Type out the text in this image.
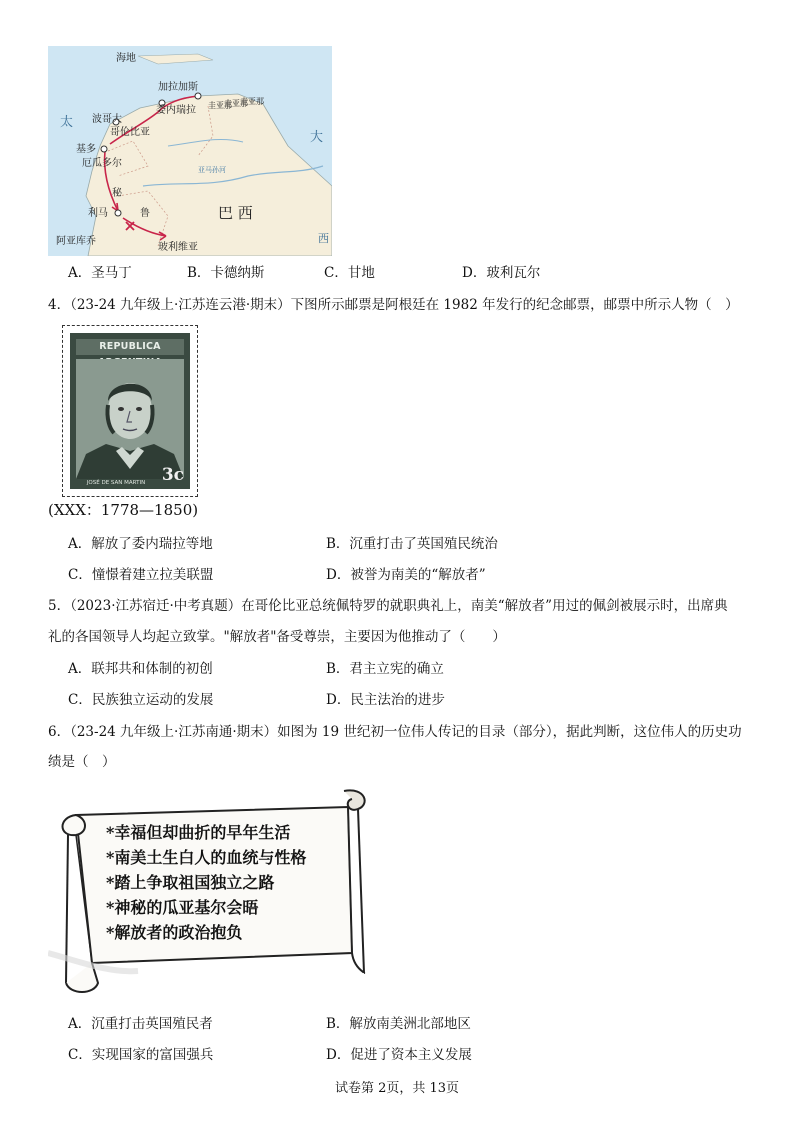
海地
加拉加斯
委内瑞拉
波哥大
哥伦比亚
基多
厄瓜多尔
秘
鲁
利马
阿亚库乔
玻利维亚
巴 西
圭亚那
圭亚那
圭亚那
亚马孙河
太
大
西
A．圣马丁	B．卡德纳斯	C．甘地	D．玻利瓦尔
4．（23-24 九年级上·江苏连云港·期末）下图所示邮票是阿根廷在 1982 年发行的纪念邮票，邮票中所示人物（　）
REPUBLICA
JOSÉ DE SAN MARTIN 3c
(XXX：1778—1850)
A．解放了委内瑞拉等地	B．沉重打击了英国殖民统治
C．憧憬着建立拉美联盟	D．被誉为南美的“解放者”
5．（2023·江苏宿迁·中考真题）在哥伦比亚总统佩特罗的就职典礼上，南美“解放者”用过的佩剑被展示时，出席典
礼的各国领导人均起立致掌。"解放者"备受尊崇，主要因为他推动了（　　）
A．联邦共和体制的初创	B．君主立宪的确立
C．民族独立运动的发展	D．民主法治的进步
6．（23-24 九年级上·江苏南通·期末）如图为 19 世纪初一位伟人传记的目录（部分），据此判断，这位伟人的历史功
绩是（　）
*幸福但却曲折的早年生活
*南美土生白人的血统与性格
*踏上争取祖国独立之路
*神秘的瓜亚基尔会晤
*解放者的政治抱负
A．沉重打击英国殖民者	B．解放南美洲北部地区
C．实现国家的富国强兵	D．促进了资本主义发展
试卷第 2页，共 13页
